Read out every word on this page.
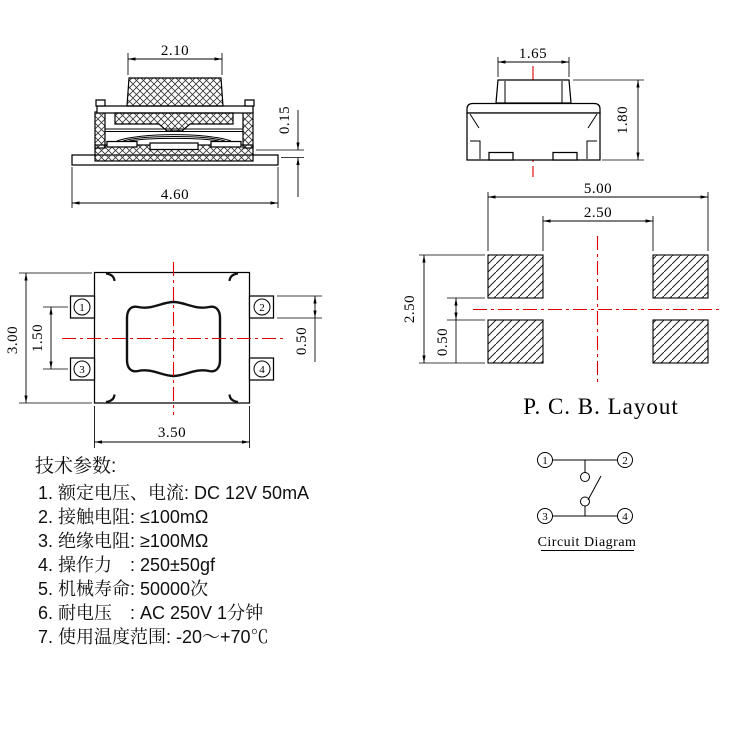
2.10
0.15
4.60
1.65
1.80
1	2
3	4
3.00 1.50	0.50
3.50
5.00
2.50
2.50
0.50
P. C. B. Layout
1	2
3	4
Circuit Diagram
技术参数:
1. 额定电压、电流: DC 12V 50mA
2. 接触电阻: ≤100mΩ
3. 绝缘电阻: ≥100MΩ
4. 操作力　: 250±50gf
5. 机械寿命: 50000次
6. 耐电压　: AC 250V 1分钟
7. 使用温度范围: -20～+70℃
